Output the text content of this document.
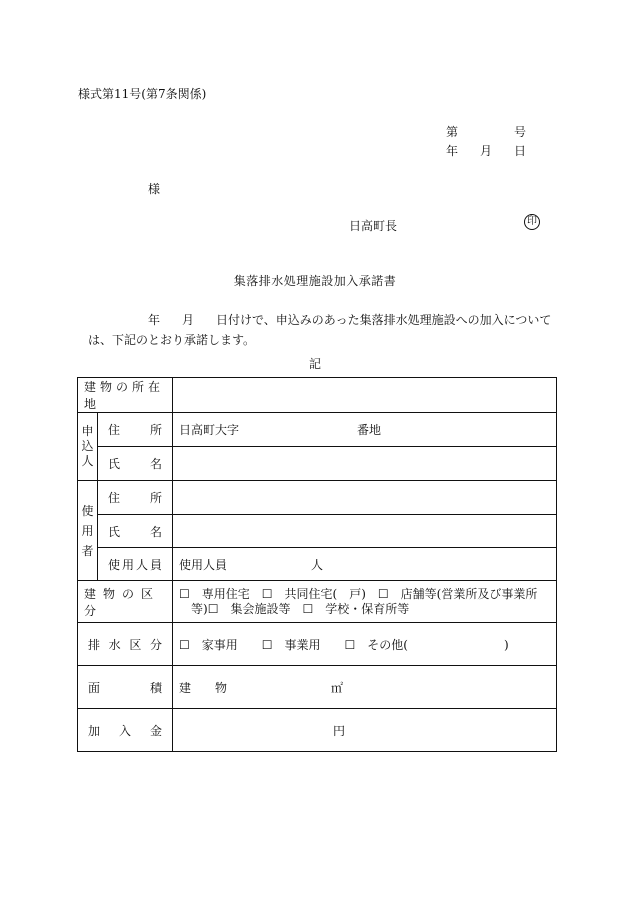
様式第11号(第7条関係)
第	号
年 月 日
様
日高町長	印
集落排水処理施設加入承諾書
年 月 日付けで、申込みのあった集落排水処理施設への加入については、下記のとおり承諾します。
記
建物の所在地		
申
込
人	住　　所	日高町大字 番地
	氏　　名	
使
用
者	住　　所	
	氏　　名	
	使用人員	使用人員 人
建物の区分		☐　専用住宅　☐　共同住宅(　戸)　☐　店舗等(営業所及び事業所
　等)☐　集会施設等　☐　学校・保育所等

排水区分		☐　家事用　　☐　事業用　　☐　その他(　　　　　　　　)
面積		建　　物 ㎡
加入金		円
